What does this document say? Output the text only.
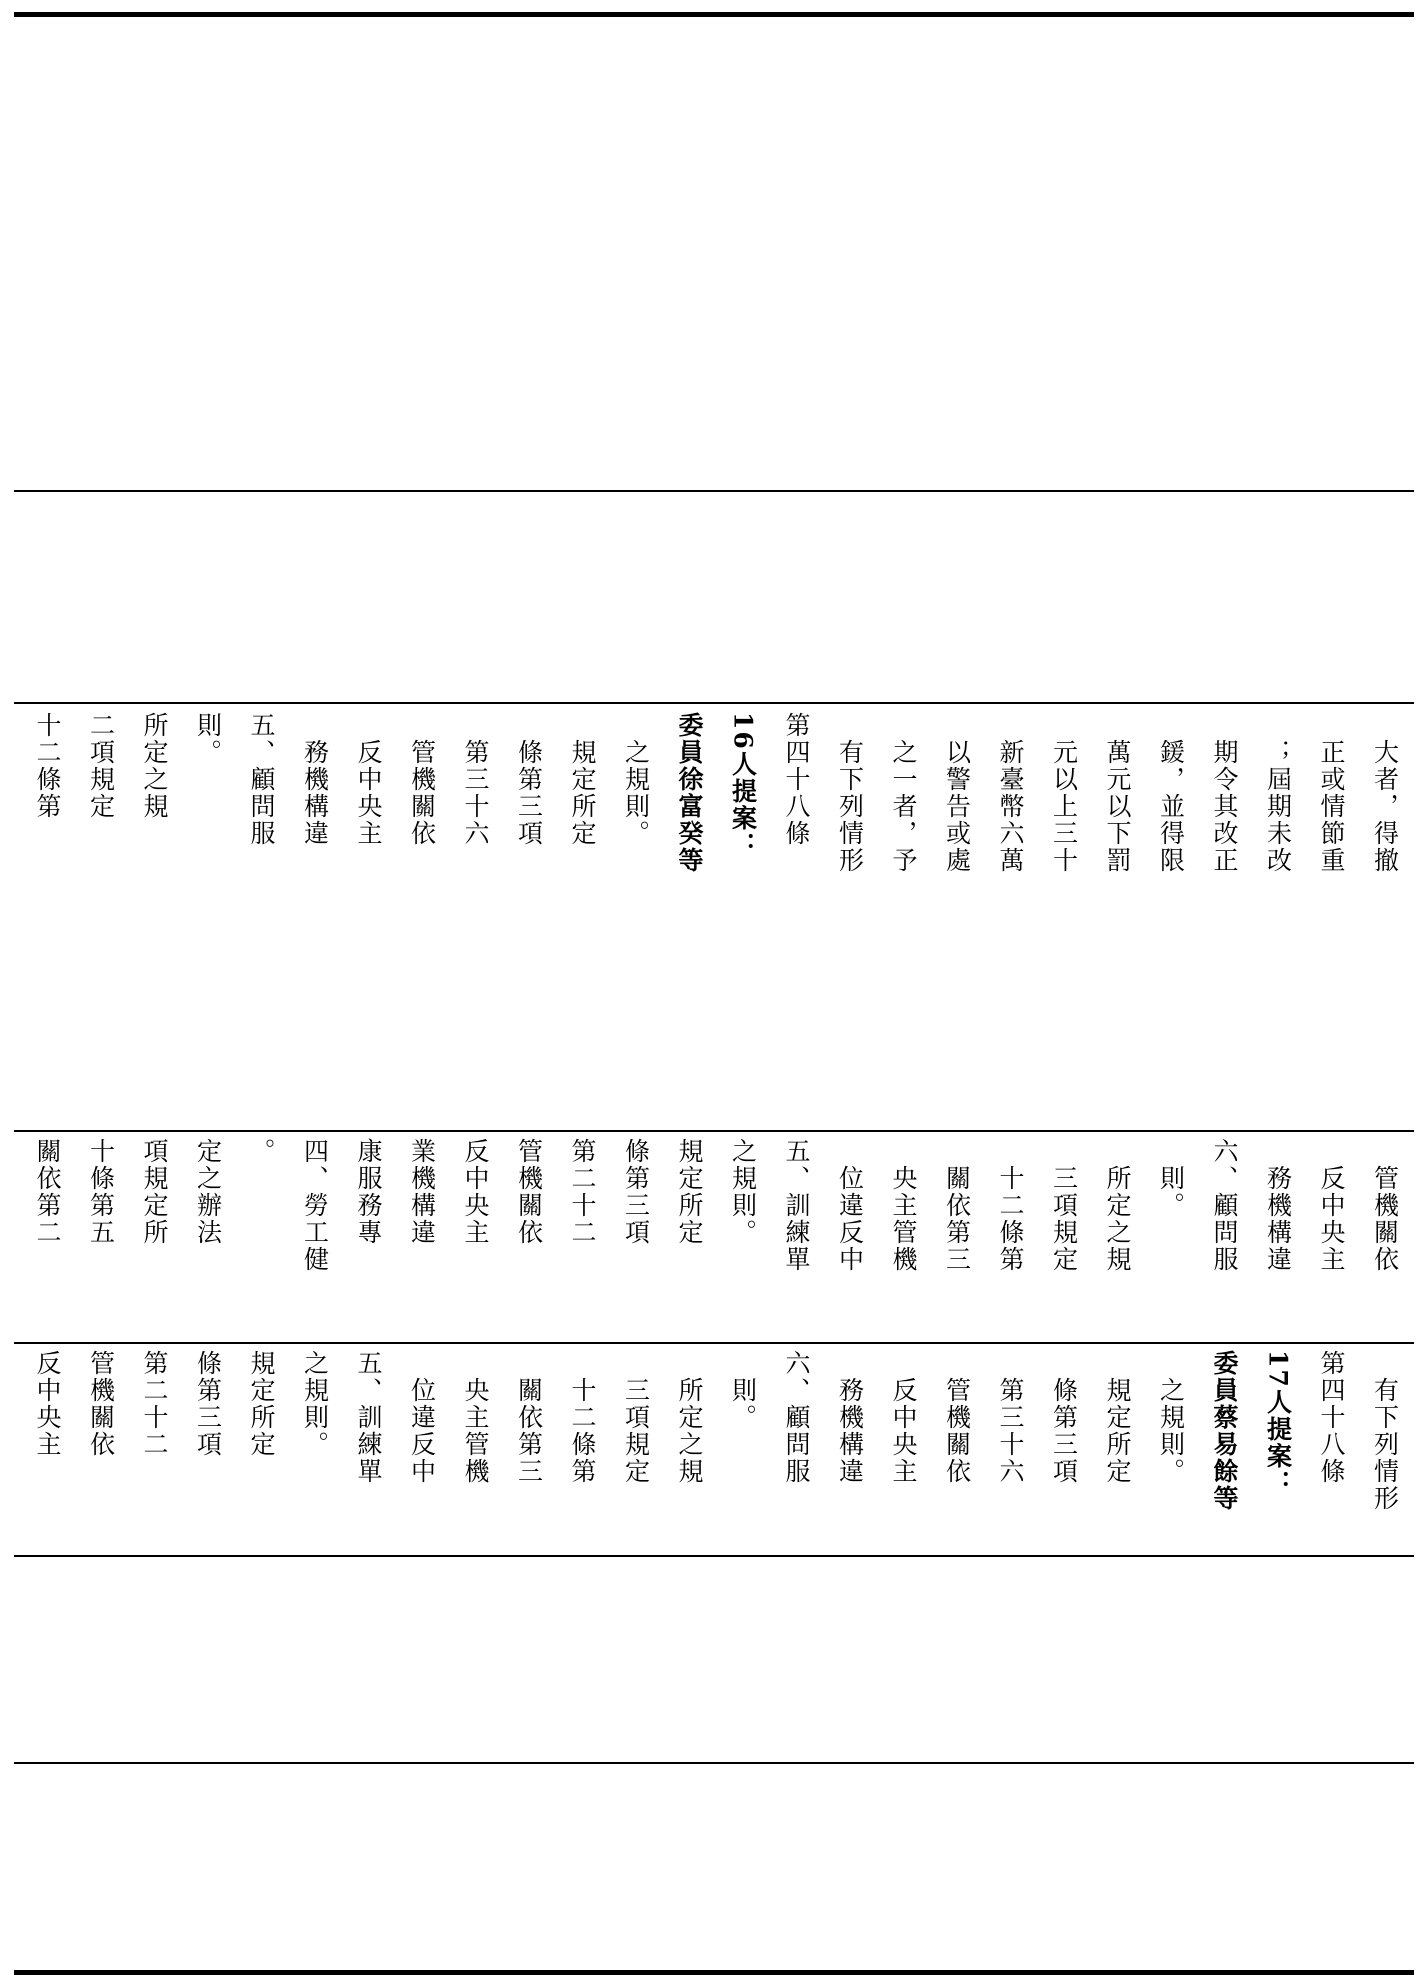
十二條第 二項規定 所定之規 則。 五、顧問服 　務機構違 　反中央主 　管機關依 　第三十六 　條第三項 　規定所定 　之規則。 委員徐富癸等 16人提案： 第四十八條 　有下列情形 　之一者，予 　以警告或處 　新臺幣六萬 　元以上三十 　萬元以下罰 　鍰，並得限 　期令其改正 　；屆期未改 　正或情節重 　大者，得撤
關依第二 十條第五 項規定所 定之辦法 。 四、勞工健 康服務專 業機構違 反中央主 管機關依 第二十二 條第三項 規定所定 之規則。 五、訓練單 　位違反中 　央主管機 　關依第三 　十二條第 　三項規定 　所定之規 　則。 六、顧問服 　務機構違 　反中央主 　管機關依
反中央主 管機關依 第二十二 條第三項 規定所定 之規則。 五、訓練單 　位違反中 　央主管機 　關依第三 　十二條第 　三項規定 　所定之規 　則。 六、顧問服 　務機構違 　反中央主 　管機關依 　第三十六 　條第三項 　規定所定 　之規則。 委員蔡易餘等 17人提案： 第四十八條 　有下列情形
